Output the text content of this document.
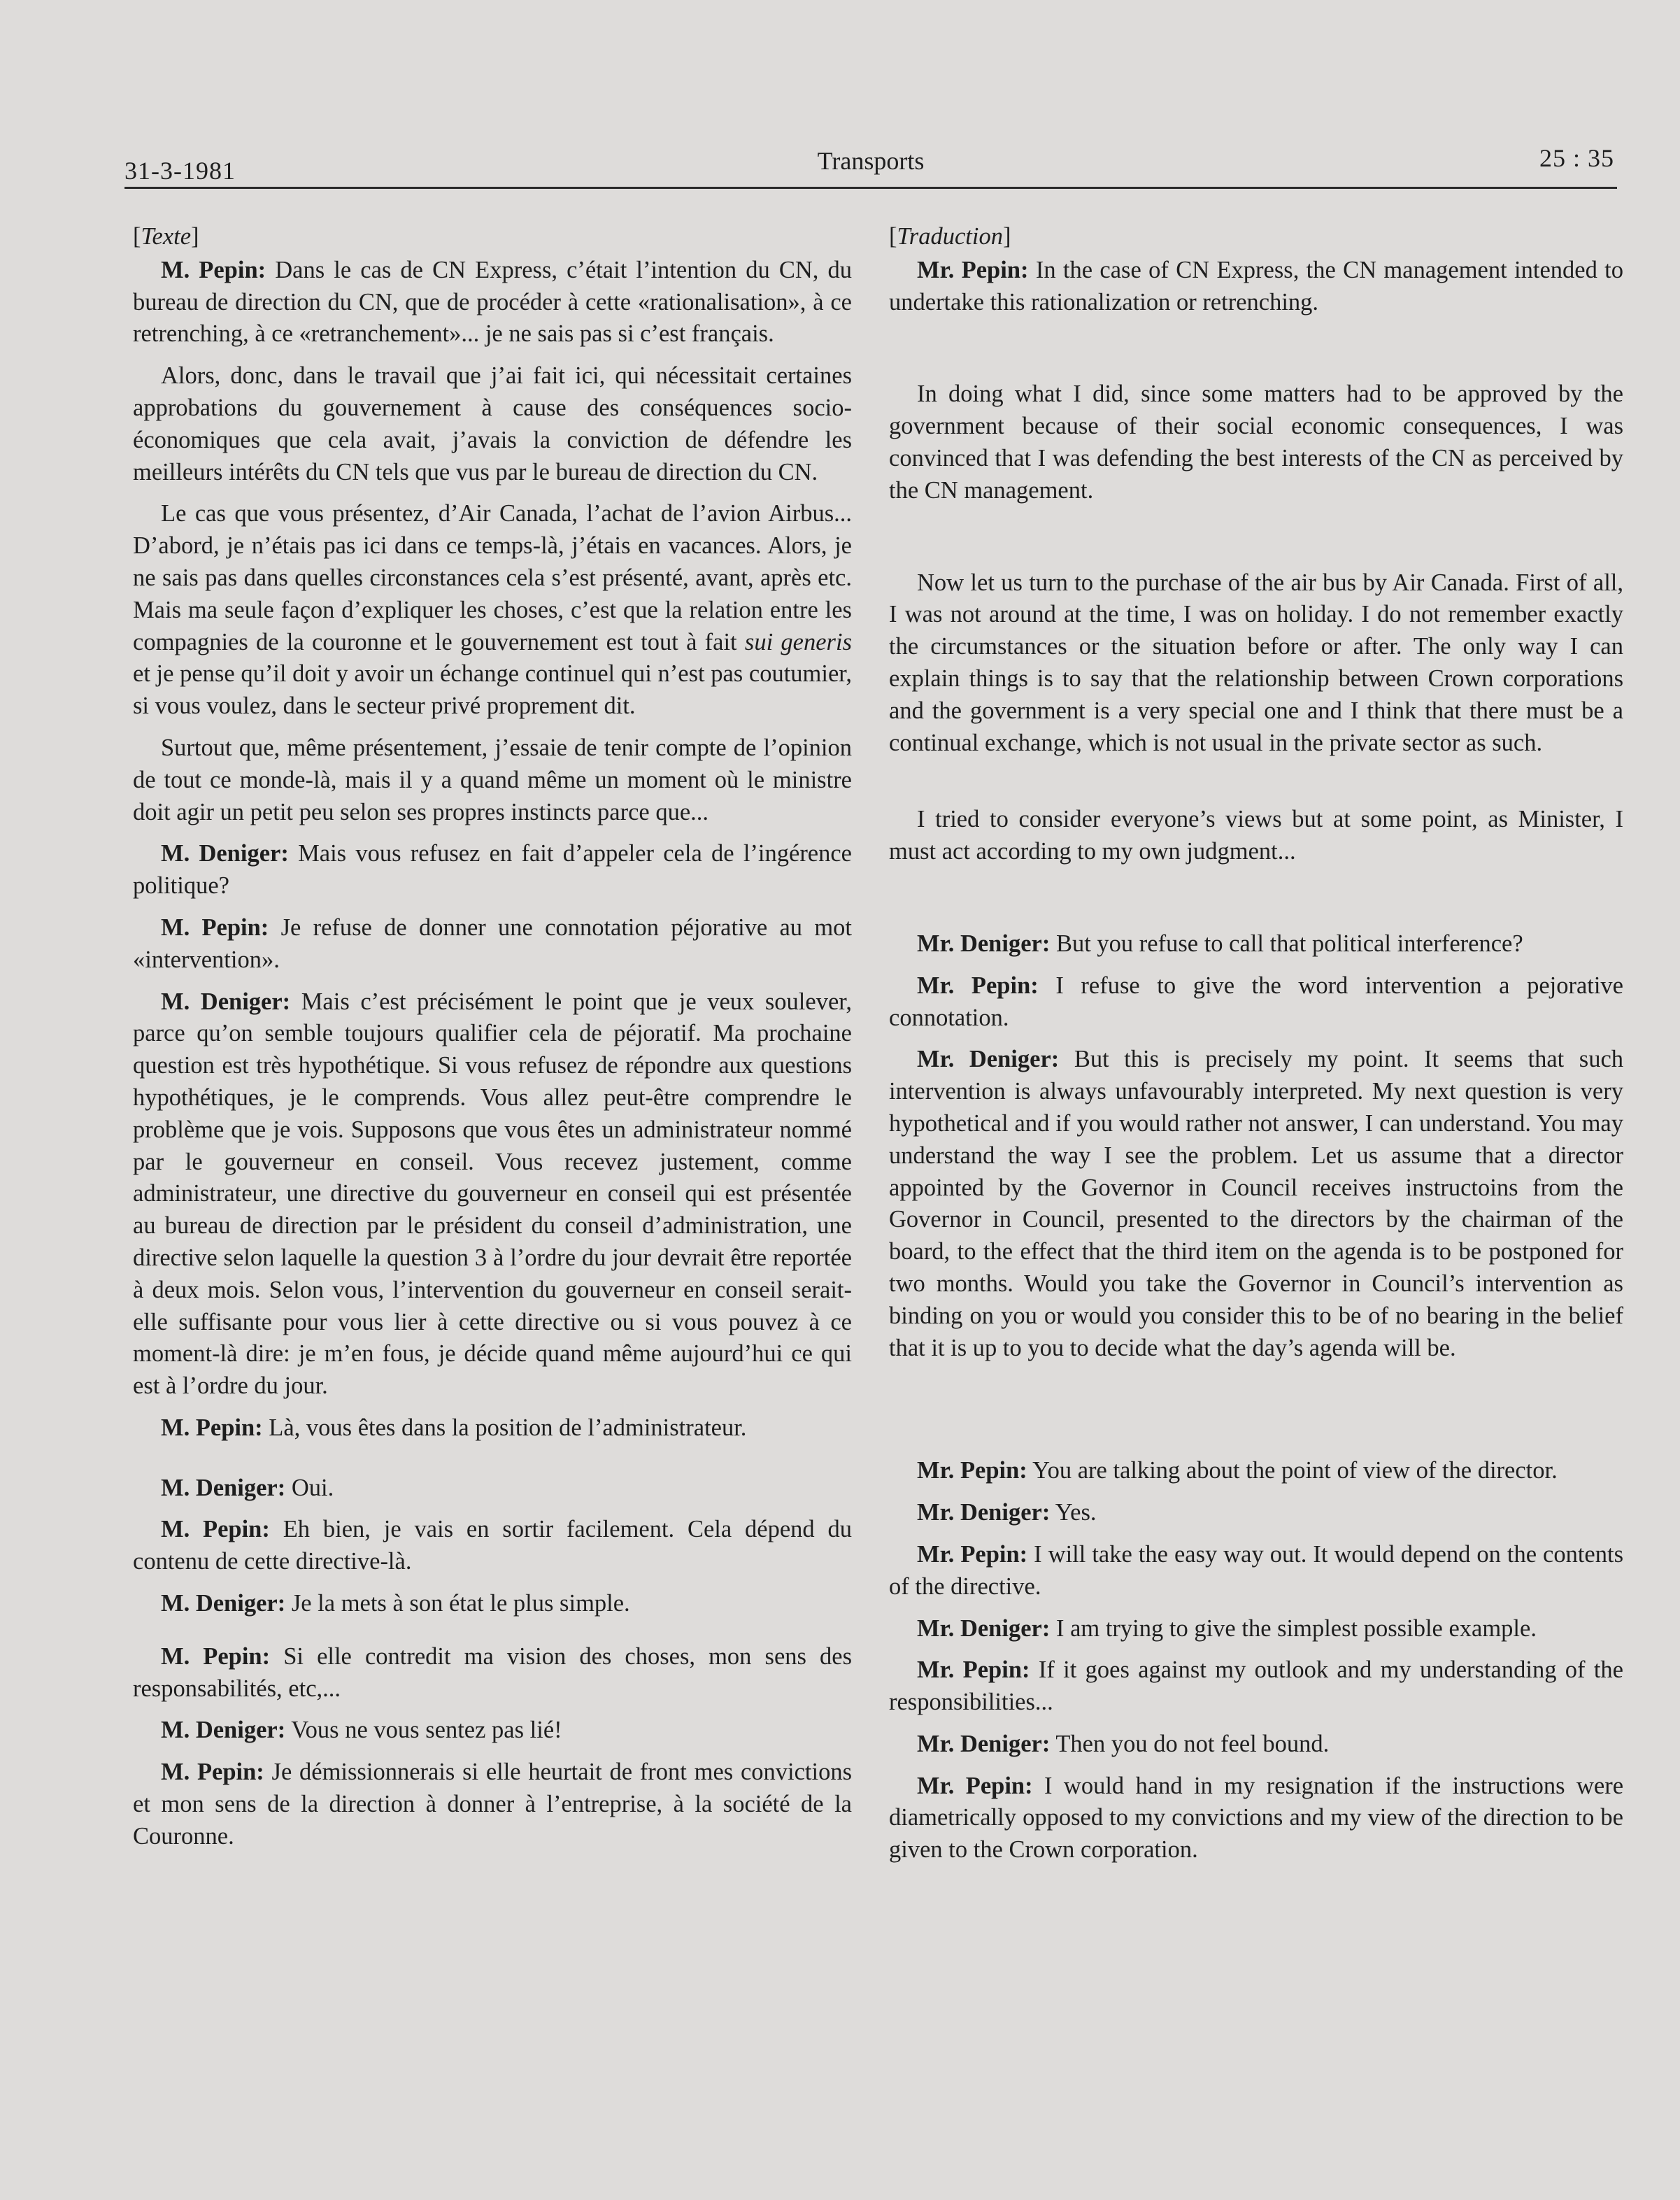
31-3-1981	Transports	25 : 35
[Texte]

M. Pepin: Dans le cas de CN Express, c’était l’intention du CN, du bureau de direction du CN, que de procéder à cette «rationalisation», à ce retrenching, à ce «retranchement»... je ne sais pas si c’est français.

Alors, donc, dans le travail que j’ai fait ici, qui nécessitait certaines approbations du gouvernement à cause des conséquences socio-économiques que cela avait, j’avais la conviction de défendre les meilleurs intérêts du CN tels que vus par le bureau de direction du CN.

Le cas que vous présentez, d’Air Canada, l’achat de l’avion Airbus... D’abord, je n’étais pas ici dans ce temps-là, j’étais en vacances. Alors, je ne sais pas dans quelles circonstances cela s’est présenté, avant, après etc. Mais ma seule façon d’expliquer les choses, c’est que la relation entre les compagnies de la couronne et le gouvernement est tout à fait sui generis et je pense qu’il doit y avoir un échange continuel qui n’est pas coutumier, si vous voulez, dans le secteur privé proprement dit.

Surtout que, même présentement, j’essaie de tenir compte de l’opinion de tout ce monde-là, mais il y a quand même un moment où le ministre doit agir un petit peu selon ses propres instincts parce que...

M. Deniger: Mais vous refusez en fait d’appeler cela de l’ingérence politique?

M. Pepin: Je refuse de donner une connotation péjorative au mot «intervention».

M. Deniger: Mais c’est précisément le point que je veux soulever, parce qu’on semble toujours qualifier cela de péjoratif. Ma prochaine question est très hypothétique. Si vous refusez de répondre aux questions hypothétiques, je le comprends. Vous allez peut-être comprendre le problème que je vois. Supposons que vous êtes un administrateur nommé par le gouverneur en conseil. Vous recevez justement, comme administrateur, une directive du gouverneur en conseil qui est présentée au bureau de direction par le président du conseil d’administration, une directive selon laquelle la question 3 à l’ordre du jour devrait être reportée à deux mois. Selon vous, l’intervention du gouverneur en conseil serait-elle suffisante pour vous lier à cette directive ou si vous pouvez à ce moment-là dire: je m’en fous, je décide quand même aujourd’hui ce qui est à l’ordre du jour.

M. Pepin: Là, vous êtes dans la position de l’administrateur.

M. Deniger: Oui.

M. Pepin: Eh bien, je vais en sortir facilement. Cela dépend du contenu de cette directive-là.

M. Deniger: Je la mets à son état le plus simple.

M. Pepin: Si elle contredit ma vision des choses, mon sens des responsabilités, etc,...

M. Deniger: Vous ne vous sentez pas lié!

M. Pepin: Je démissionnerais si elle heurtait de front mes convictions et mon sens de la direction à donner à l’entreprise, à la société de la Couronne.

[Traduction]

Mr. Pepin: In the case of CN Express, the CN management intended to undertake this rationalization or retrenching.

In doing what I did, since some matters had to be approved by the government because of their social economic consequences, I was convinced that I was defending the best interests of the CN as perceived by the CN management.

Now let us turn to the purchase of the air bus by Air Canada. First of all, I was not around at the time, I was on holiday. I do not remember exactly the circumstances or the situation before or after. The only way I can explain things is to say that the relationship between Crown corporations and the government is a very special one and I think that there must be a continual exchange, which is not usual in the private sector as such.

I tried to consider everyone’s views but at some point, as Minister, I must act according to my own judgment...

Mr. Deniger: But you refuse to call that political interference?

Mr. Pepin: I refuse to give the word intervention a pejorative connotation.

Mr. Deniger: But this is precisely my point. It seems that such intervention is always unfavourably interpreted. My next question is very hypothetical and if you would rather not answer, I can understand. You may understand the way I see the problem. Let us assume that a director appointed by the Governor in Council receives instructoins from the Governor in Council, presented to the directors by the chairman of the board, to the effect that the third item on the agenda is to be postponed for two months. Would you take the Governor in Council’s intervention as binding on you or would you consider this to be of no bearing in the belief that it is up to you to decide what the day’s agenda will be.

Mr. Pepin: You are talking about the point of view of the director.

Mr. Deniger: Yes.

Mr. Pepin: I will take the easy way out. It would depend on the contents of the directive.

Mr. Deniger: I am trying to give the simplest possible example.

Mr. Pepin: If it goes against my outlook and my understanding of the responsibilities...

Mr. Deniger: Then you do not feel bound.

Mr. Pepin: I would hand in my resignation if the instructions were diametrically opposed to my convictions and my view of the direction to be given to the Crown corporation.
